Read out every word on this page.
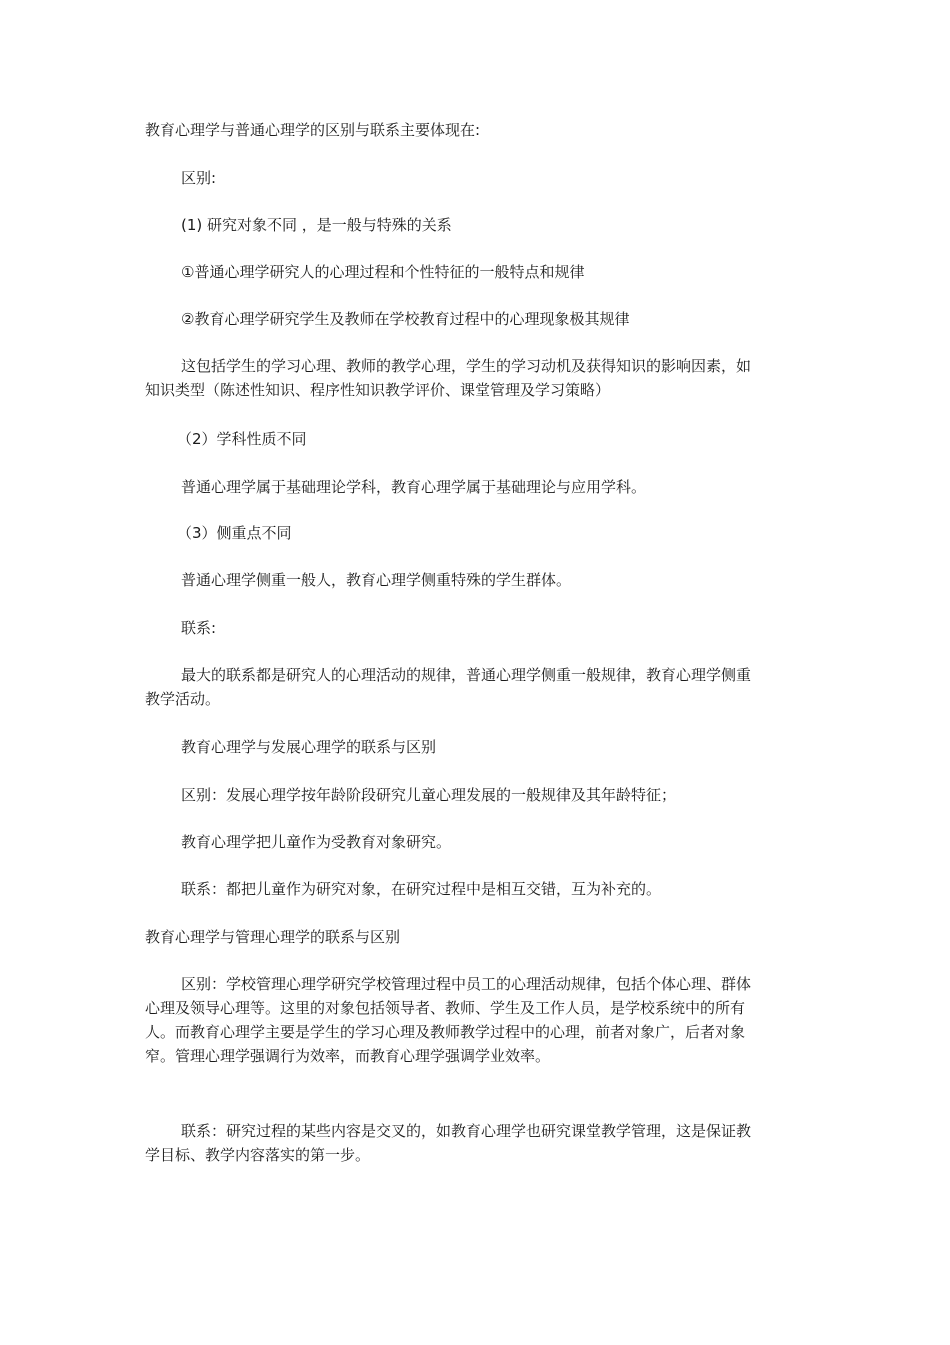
教育心理学与普通心理学的区别与联系主要体现在:

区别:

(1) 研究对象不同 ，是一般与特殊的关系

①普通心理学研究人的心理过程和个性特征的一般特点和规律

②教育心理学研究学生及教师在学校教育过程中的心理现象极其规律

这包括学生的学习心理、教师的教学心理，学生的学习动机及获得知识的影响因素，如知识类型（陈述性知识、程序性知识教学评价、课堂管理及学习策略）

（2）学科性质不同

普通心理学属于基础理论学科，教育心理学属于基础理论与应用学科。

（3）侧重点不同

普通心理学侧重一般人，教育心理学侧重特殊的学生群体。

联系:

最大的联系都是研究人的心理活动的规律，普通心理学侧重一般规律，教育心理学侧重教学活动。

教育心理学与发展心理学的联系与区别

区别：发展心理学按年龄阶段研究儿童心理发展的一般规律及其年龄特征；

教育心理学把儿童作为受教育对象研究。

联系：都把儿童作为研究对象，在研究过程中是相互交错，互为补充的。

教育心理学与管理心理学的联系与区别

区别：学校管理心理学研究学校管理过程中员工的心理活动规律，包括个体心理、群体心理及领导心理等。这里的对象包括领导者、教师、学生及工作人员，是学校系统中的所有人。而教育心理学主要是学生的学习心理及教师教学过程中的心理，前者对象广，后者对象窄。管理心理学强调行为效率，而教育心理学强调学业效率。

联系：研究过程的某些内容是交叉的，如教育心理学也研究课堂教学管理，这是保证教学目标、教学内容落实的第一步。
